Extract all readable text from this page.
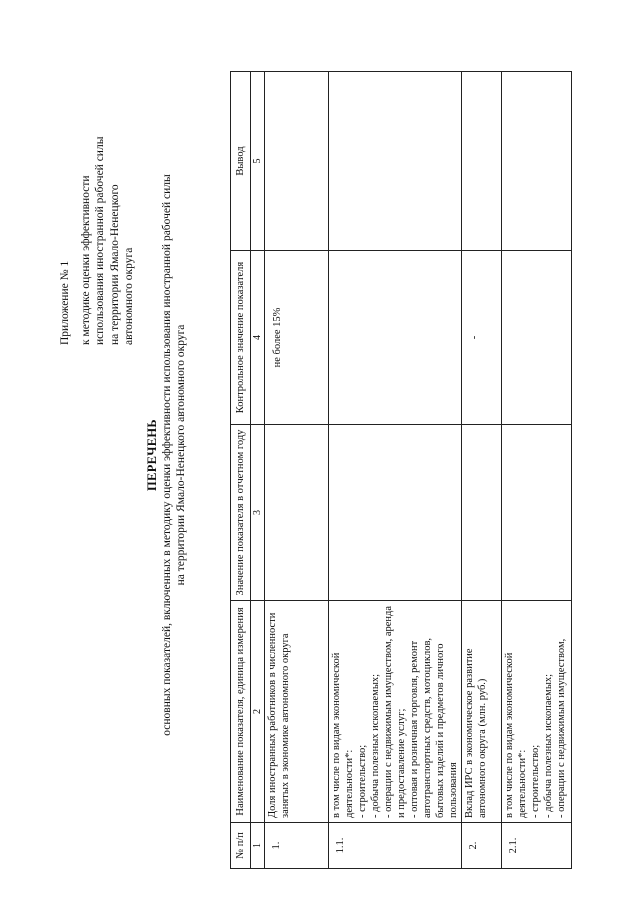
Приложение № 1 к методике оценки эффективности использования иностранной рабочей силы на территории Ямало-Ненецкого автономного округа
ПЕРЕЧЕНЬ основных показателей, включенных в методику оценки эффективности использования иностранной рабочей силы на территории Ямало-Ненецкого автономного округа
№ п/п	Наименование показателя, единица измерения	Значение показателя в отчетном году	Контрольное значение показателя	Вывод
1	2	3	4	5
1.	Доля иностранных работников в численности занятых в экономике автономного округа		не более 15%	
1.1.	в том числе по видам экономической деятельности*: - строительство; - добыча полезных ископаемых; - операции с недвижимым имуществом, аренда и предоставление услуг; - оптовая и розничная торговля, ремонт автотранспортных средств, мотоциклов, бытовых изделий и предметов личного пользования			

2.	Вклад ИРС в экономическое развитие автономного округа (млн. руб.)		-	
2.1.	в том числе по видам экономической деятельности*: - строительство; - добыча полезных ископаемых; - операции с недвижимым имуществом,			
